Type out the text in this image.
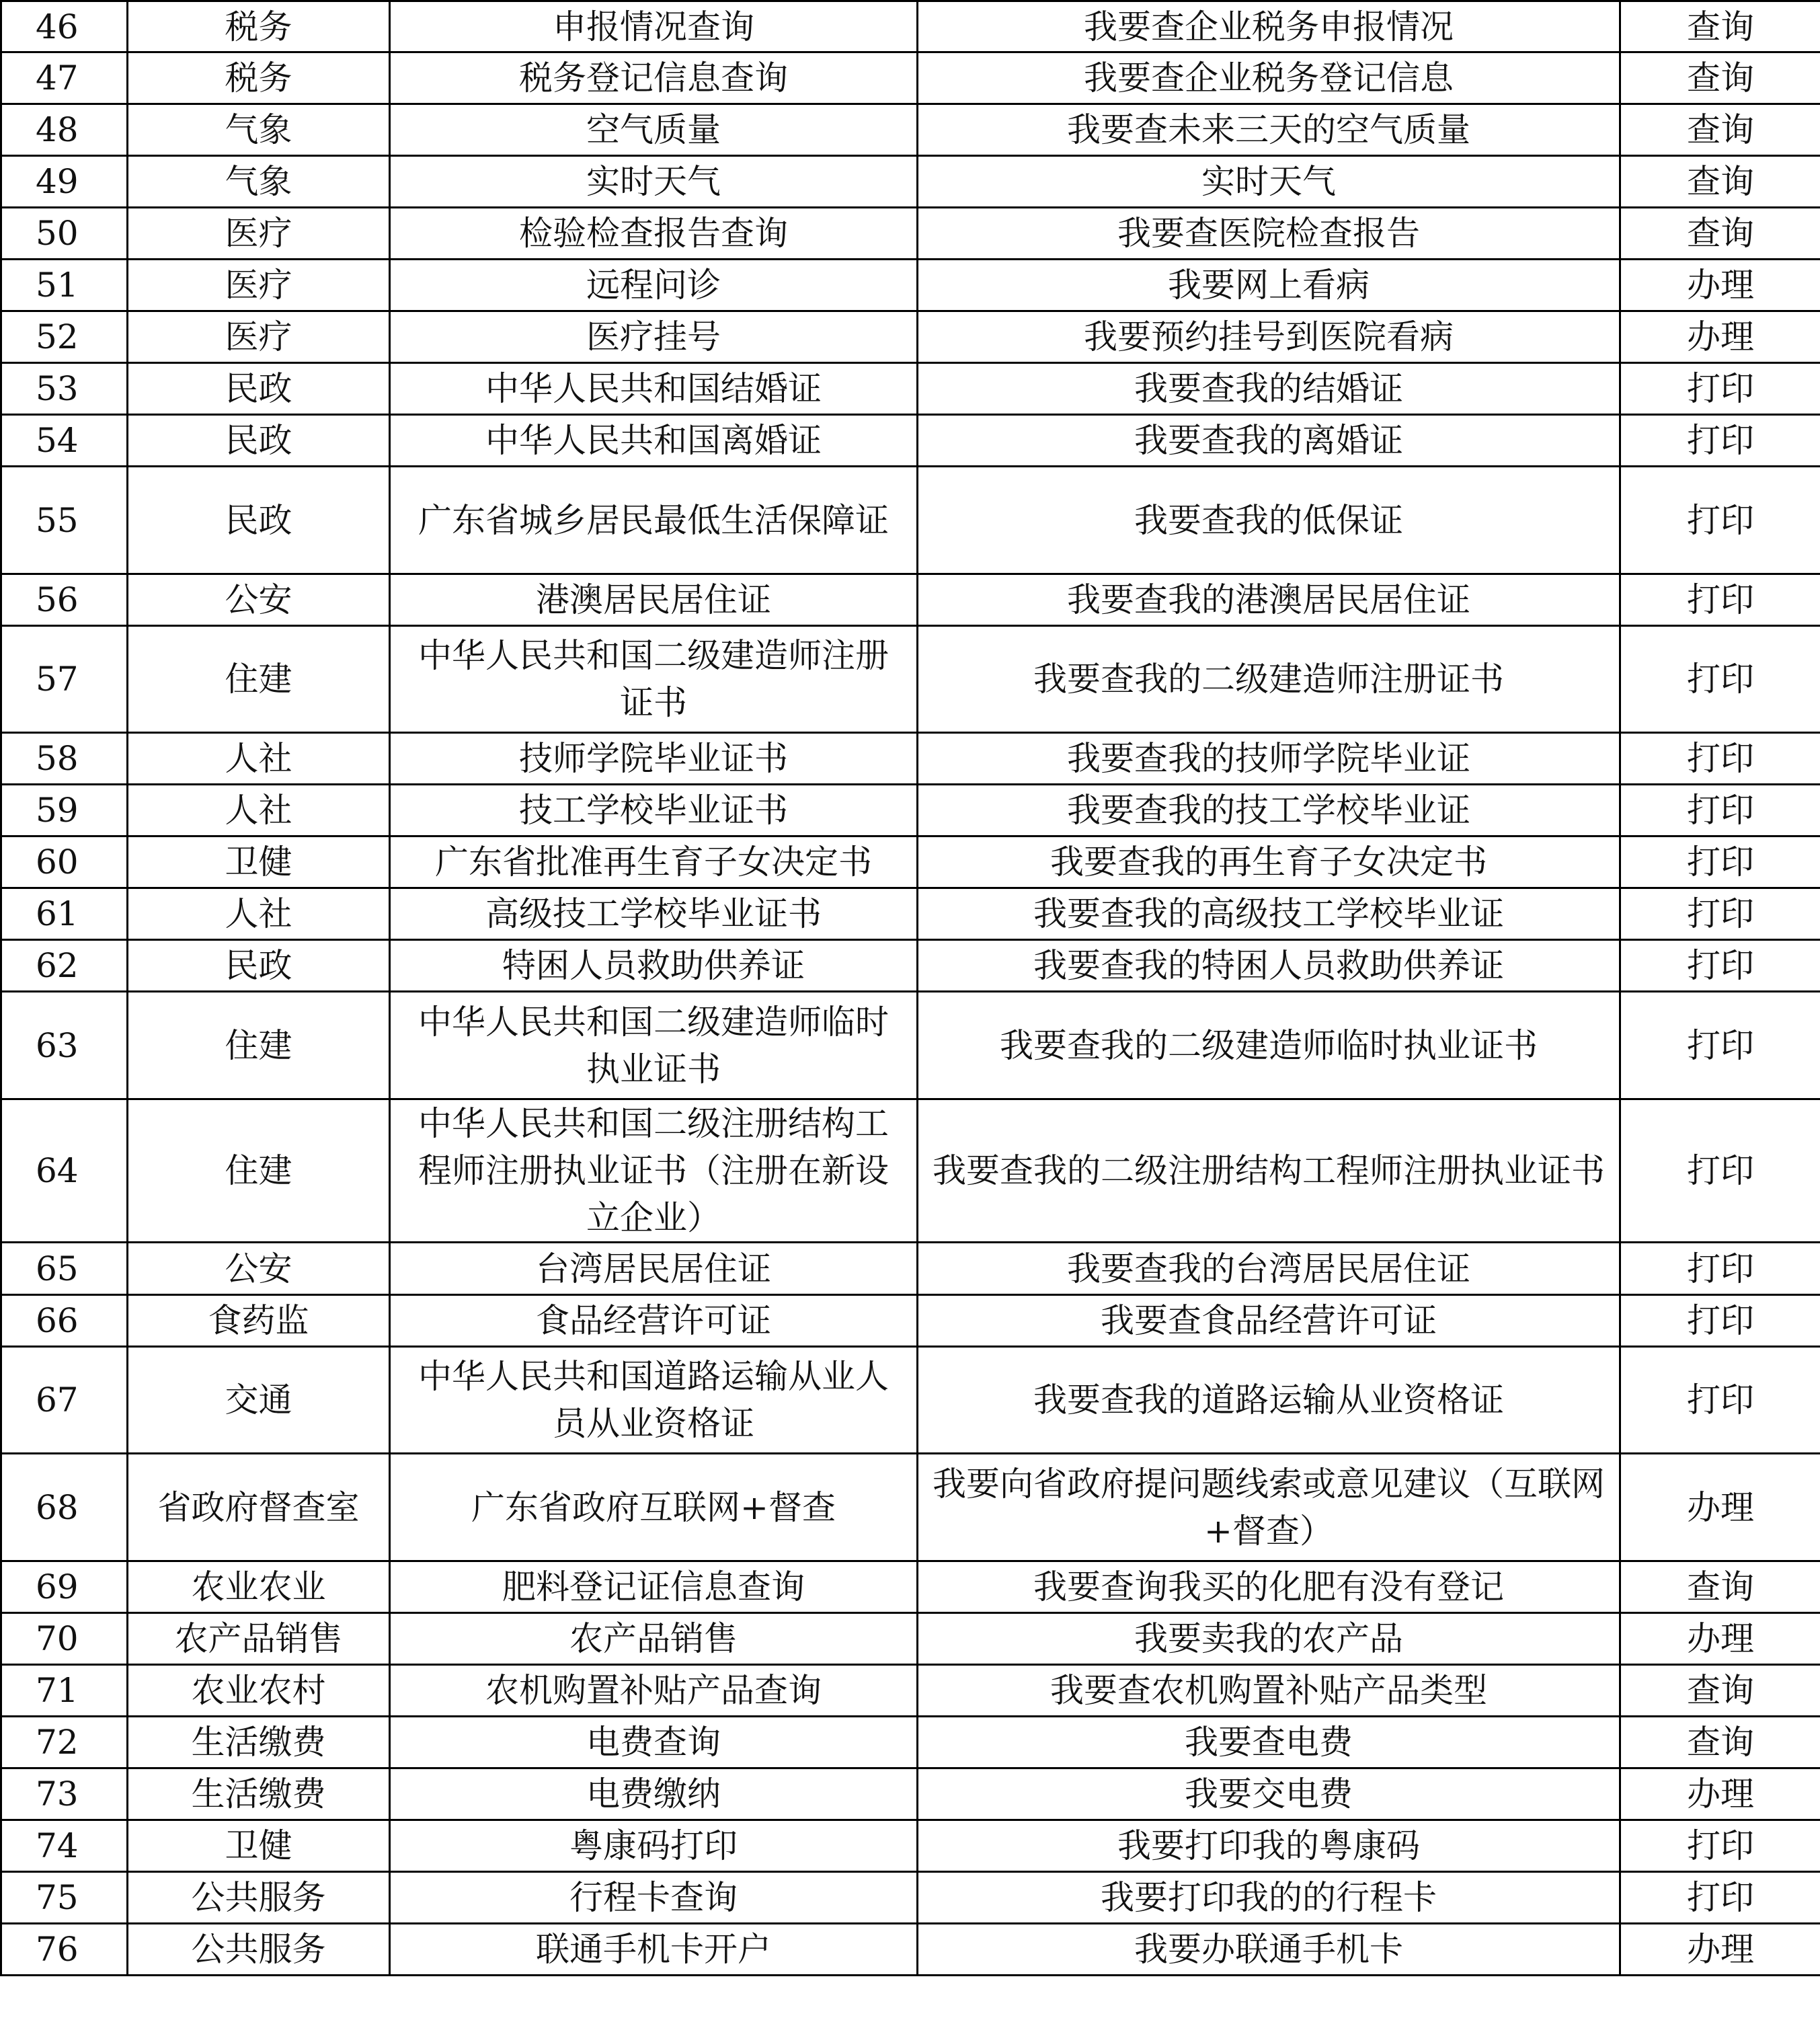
46	税务	申报情况查询	我要查企业税务申报情况	查询
47	税务	税务登记信息查询	我要查企业税务登记信息	查询
48	气象	空气质量	我要查未来三天的空气质量	查询
49	气象	实时天气	实时天气	查询
50	医疗	检验检查报告查询	我要查医院检查报告	查询
51	医疗	远程问诊	我要网上看病	办理
52	医疗	医疗挂号	我要预约挂号到医院看病	办理
53	民政	中华人民共和国结婚证	我要查我的结婚证	打印
54	民政	中华人民共和国离婚证	我要查我的离婚证	打印
55	民政	广东省城乡居民最低生活保障证	我要查我的低保证	打印
56	公安	港澳居民居住证	我要查我的港澳居民居住证	打印
57	住建	中华人民共和国二级建造师注册证书	我要查我的二级建造师注册证书	打印
58	人社	技师学院毕业证书	我要查我的技师学院毕业证	打印
59	人社	技工学校毕业证书	我要查我的技工学校毕业证	打印
60	卫健	广东省批准再生育子女决定书	我要查我的再生育子女决定书	打印
61	人社	高级技工学校毕业证书	我要查我的高级技工学校毕业证	打印
62	民政	特困人员救助供养证	我要查我的特困人员救助供养证	打印
63	住建	中华人民共和国二级建造师临时执业证书	我要查我的二级建造师临时执业证书	打印
64	住建	中华人民共和国二级注册结构工程师注册执业证书（注册在新设立企业）	我要查我的二级注册结构工程师注册执业证书	打印
65	公安	台湾居民居住证	我要查我的台湾居民居住证	打印
66	食药监	食品经营许可证	我要查食品经营许可证	打印
67	交通	中华人民共和国道路运输从业人员从业资格证	我要查我的道路运输从业资格证	打印
68	省政府督查室	广东省政府互联网+督查	我要向省政府提问题线索或意见建议（互联网+督查）	办理
69	农业农业	肥料登记证信息查询	我要查询我买的化肥有没有登记	查询
70	农产品销售	农产品销售	我要卖我的农产品	办理
71	农业农村	农机购置补贴产品查询	我要查农机购置补贴产品类型	查询
72	生活缴费	电费查询	我要查电费	查询
73	生活缴费	电费缴纳	我要交电费	办理
74	卫健	粤康码打印	我要打印我的粤康码	打印
75	公共服务	行程卡查询	我要打印我的的行程卡	打印
76	公共服务	联通手机卡开户	我要办联通手机卡	办理
